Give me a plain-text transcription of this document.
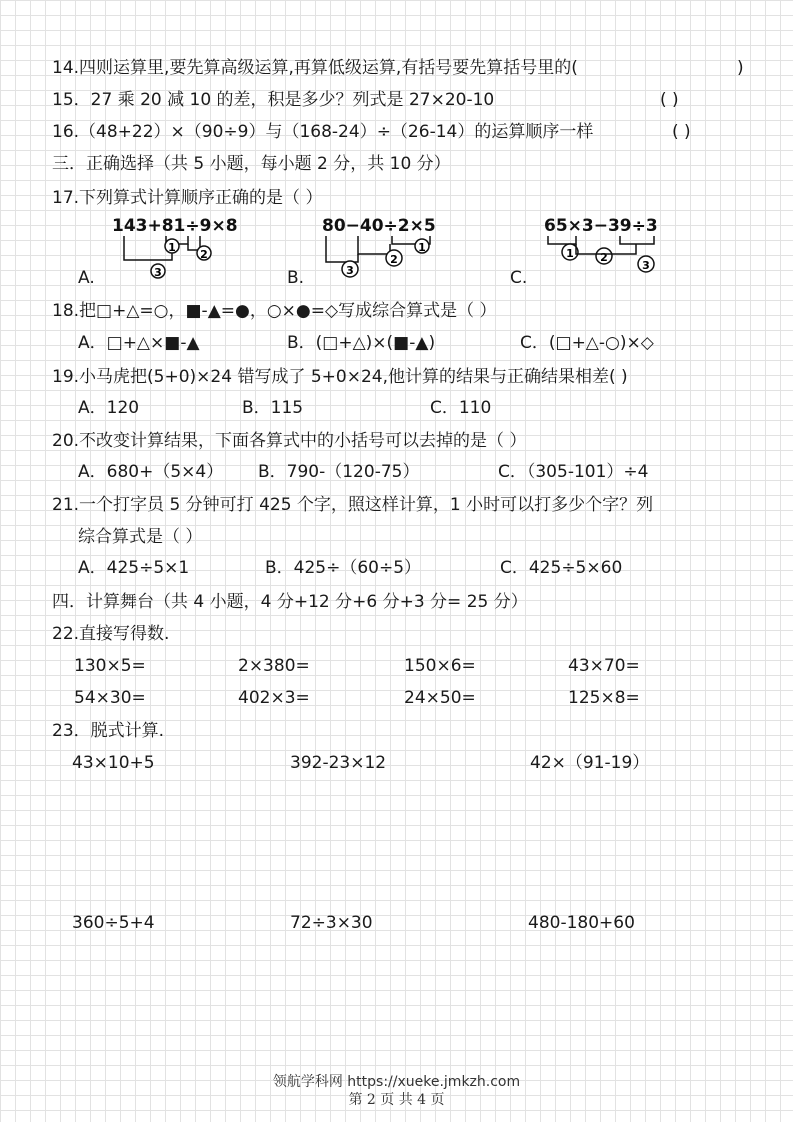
14.四则运算里,要先算高级运算,再算低级运算,有括号要先算括号里的(	)
15．27 乘 20 减 10 的差，积是多少？列式是 27×20-10	( )
16.（48+22）×（90÷9）与（168-24）÷（26-14）的运算顺序一样	( )
三．正确选择（共 5 小题，每小题 2 分，共 10 分）
17.下列算式计算顺序正确的是（ ）
A.
143+81÷9×8
1
2
3	B.
80−40÷2×5
1
2
3	C.
65×3−39÷3
1 2
3
18.把□+△=○，■-▲=●，○×●=◇写成综合算式是（ ）
A．□+△×■-▲	B．(□+△)×(■-▲)	C．(□+△-○)×◇
19.小马虎把(5+0)×24 错写成了 5+0×24,他计算的结果与正确结果相差( )
A．120	B．115	C．110
20.不改变计算结果，下面各算式中的小括号可以去掉的是（ ）
A．680+（5×4） B．790-（120-75）	C．（305-101）÷4
21.一个打字员 5 分钟可打 425 个字，照这样计算，1 小时可以打多少个字？列
综合算式是（ ）
A．425÷5×1	B．425÷（60÷5）	C．425÷5×60
四．计算舞台（共 4 小题，4 分+12 分+6 分+3 分= 25 分）
22.直接写得数.
130×5=	2×380=	150×6=	43×70=
54×30=	402×3=	24×50=	125×8=
23．脱式计算.
43×10+5	392-23×12	42×（91-19）
360÷5+4	72÷3×30	480-180+60
领航学科网 https://xueke.jmkzh.com
第 2 页 共 4 页
